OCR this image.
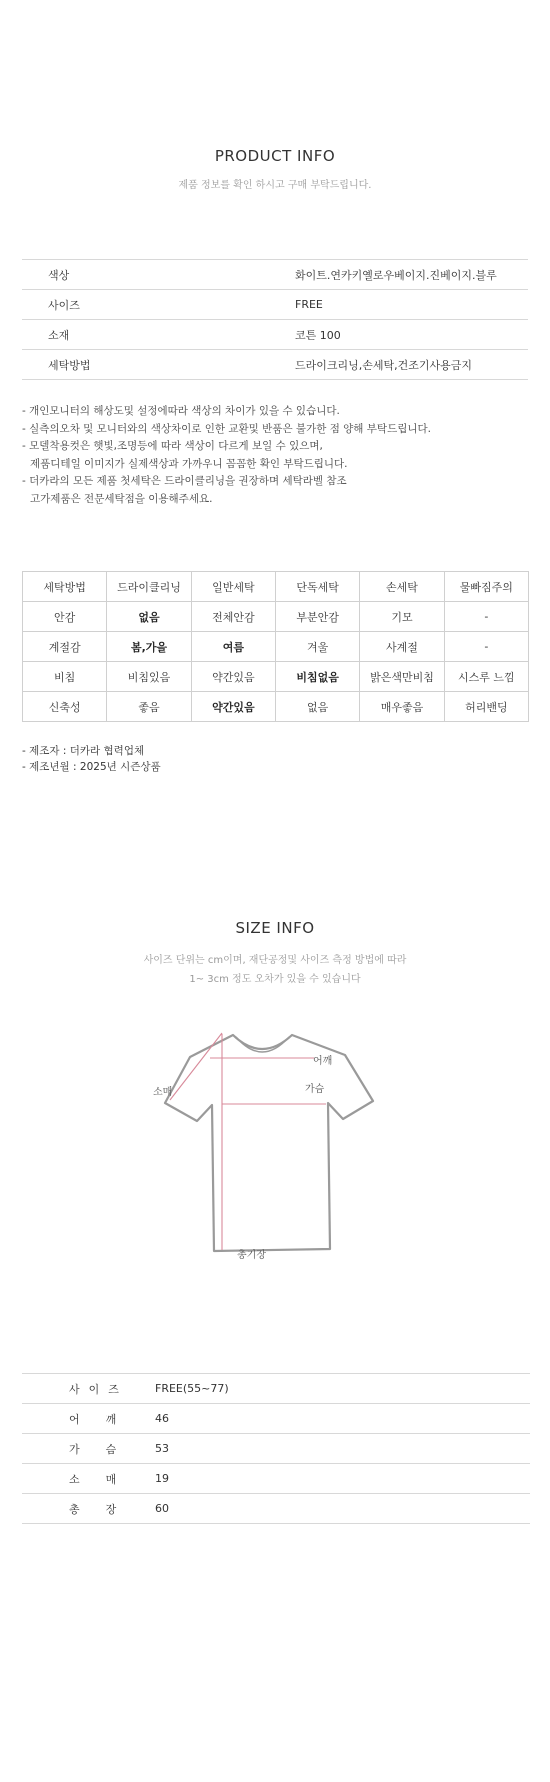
PRODUCT INFO
제품 정보를 확인 하시고 구매 부탁드립니다.
색상	화이트.연카키옐로우베이지.진베이지.블루
사이즈	FREE
소재	코튼 100
세탁방법	드라이크리닝,손세탁,건조기사용금지
- 개인모니터의 해상도및 설정에따라 색상의 차이가 있을 수 있습니다.
- 실측의오차 및 모니터와의 색상차이로 인한 교환및 반품은 불가한 점 양해 부탁드립니다.
- 모델착용컷은 햇빛,조명등에 따라 색상이 다르게 보일 수 있으며,
제품디테일 이미지가 실제색상과 가까우니 꼼꼼한 확인 부탁드립니다.
- 더카라의 모든 제품 첫세탁은 드라이클리닝을 권장하며 세탁라벨 참조
고가제품은 전문세탁점을 이용해주세요.
세탁방법	드라이클리닝	일반세탁	단독세탁	손세탁	물빠짐주의
안감	없음	전체안감	부분안감	기모	-
계절감	봄,가을	여름	겨울	사계절	-
비침	비침있음	약간있음	비침없음	밝은색만비침	시스루 느낌
신축성	좋음	약간있음	없음	매우좋음	허리밴딩
- 제조자 : 더카라 협력업체
- 제조년월 : 2025년 시즌상품
SIZE INFO
사이즈 단위는 cm이며, 재단공정및 사이즈 측정 방법에 따라
1~ 3cm 정도 오차가 있을 수 있습니다
어깨
가슴
소매
총기장
사이즈	FREE(55~77)
어깨	46
가슴	53
소매	19
총장	60
